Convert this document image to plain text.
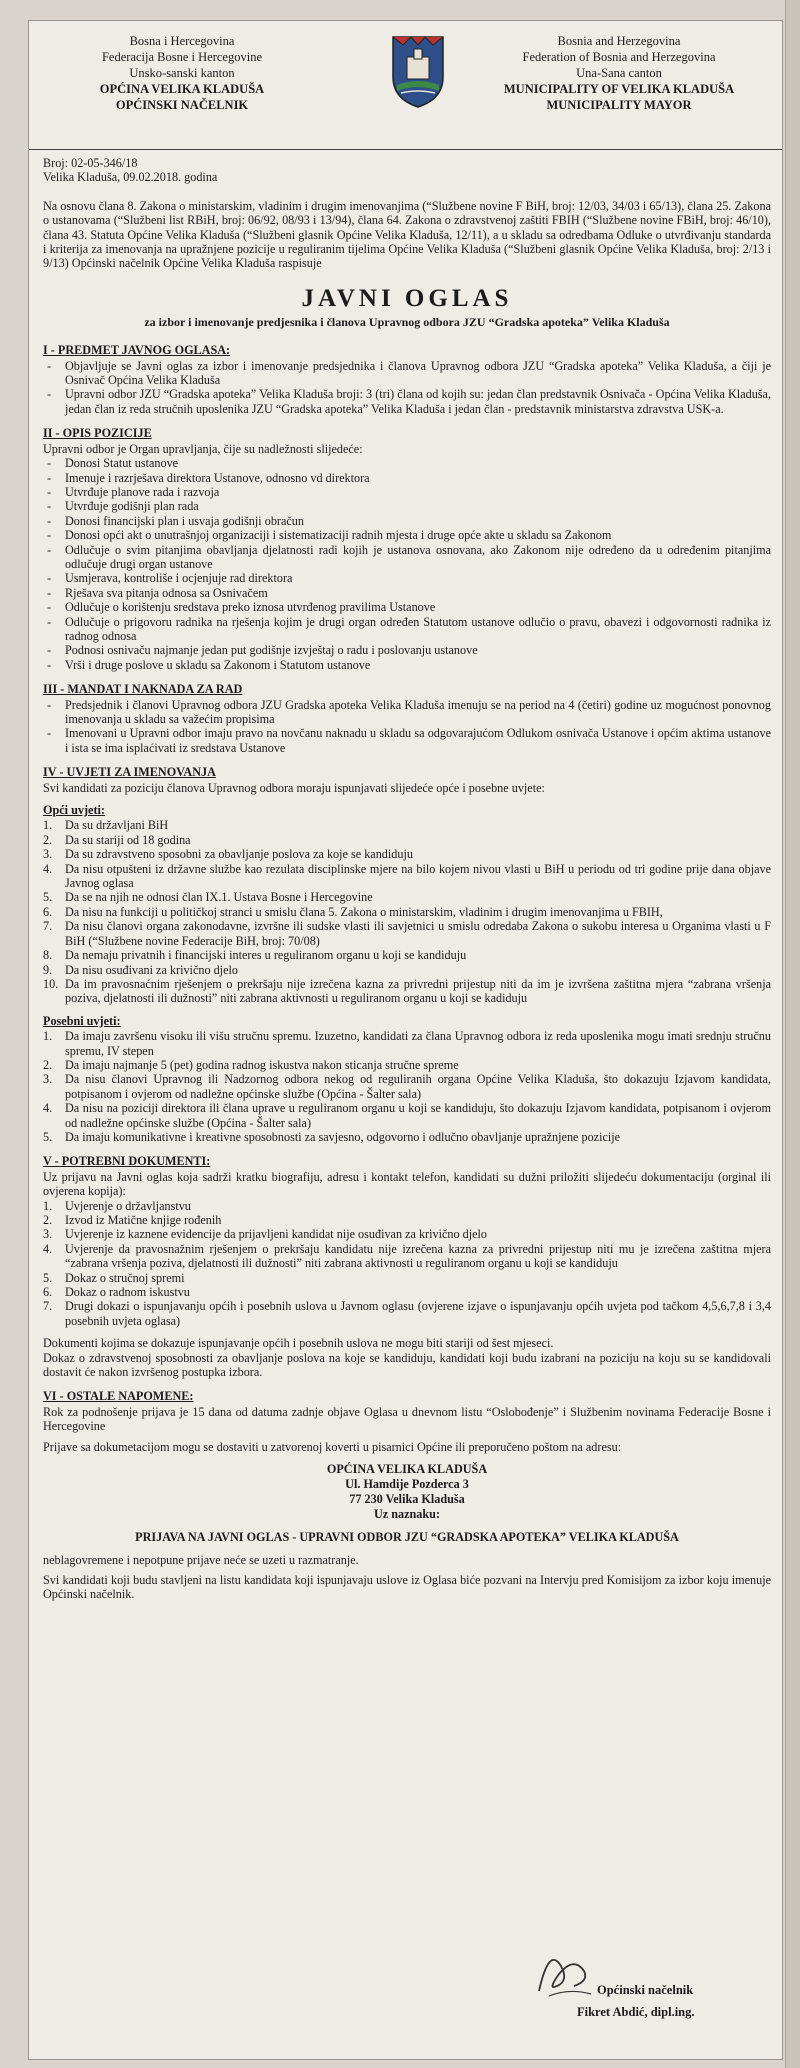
Bosna i Hercegovina
Federacija Bosne i Hercegovine
Unsko-sanski kanton
OPĆINA VELIKA KLADUŠA
OPĆINSKI NAČELNIK
Bosnia and Herzegovina
Federation of Bosnia and Herzegovina
Una-Sana canton
MUNICIPALITY OF VELIKA KLADUŠA
MUNICIPALITY MAYOR
Broj: 02-05-346/18

Velika Kladuša, 09.02.2018. godina

Na osnovu člana 8. Zakona o ministarskim, vladinim i drugim imenovanjima (“Službene novine F BiH, broj: 12/03, 34/03 i 65/13), člana 25. Zakona o ustanovama (“Službeni list RBiH, broj: 06/92, 08/93 i 13/94), člana 64. Zakona o zdravstvenoj zaštiti FBIH (“Službene novine FBiH, broj: 46/10), člana 43. Statuta Općine Velika Kladuša (“Službeni glasnik Općine Velika Kladuša, 12/11), a u skladu sa odredbama Odluke o utvrđivanju standarda i kriterija za imenovanja na upražnjene pozicije u reguliranim tijelima Općine Velika Kladuša (“Službeni glasnik Općine Velika Kladuša, broj: 2/13 i 9/13) Općinski načelnik Općine Velika Kladuša raspisuje

JAVNI OGLAS
za izbor i imenovanje predjesnika i članova Upravnog odbora JZU “Gradska apoteka” Velika Kladuša
I - PREDMET JAVNOG OGLASA:
- Objavljuje se Javni oglas za izbor i imenovanje predsjednika i članova Upravnog odbora JZU “Gradska apoteka” Velika Kladuša, a čiji je Osnivač Općina Velika Kladuša
- Upravni odbor JZU “Gradska apoteka” Velika Kladuša broji: 3 (tri) člana od kojih su: jedan član predstavnik Osnivača - Općina Velika Kladuša, jedan član iz reda stručnih uposlenika JZU “Gradska apoteka” Velika Kladuša i jedan član - predstavnik ministarstva zdravstva USK-a.
II - OPIS POZICIJE
Upravni odbor je Organ upravljanja, čije su nadležnosti slijedeće:
- Donosi Statut ustanove
- Imenuje i razrješava direktora Ustanove, odnosno vd direktora
- Utvrđuje planove rada i razvoja
- Utvrđuje godišnji plan rada
- Donosi financijski plan i usvaja godišnji obračun
- Donosi opći akt o unutrašnjoj organizaciji i sistematizaciji radnih mjesta i druge opće akte u skladu sa Zakonom
- Odlučuje o svim pitanjima obavljanja djelatnosti radi kojih je ustanova osnovana, ako Zakonom nije određeno da u određenim pitanjima odlučuje drugi organ ustanove
- Usmjerava, kontroliše i ocjenjuje rad direktora
- Rješava sva pitanja odnosa sa Osnivačem
- Odlučuje o korištenju sredstava preko iznosa utvrđenog pravilima Ustanove
- Odlučuje o prigovoru radnika na rješenja kojim je drugi organ određen Statutom ustanove odlučio o pravu, obavezi i odgovornosti radnika iz radnog odnosa
- Podnosi osnivaču najmanje jedan put godišnje izvještaj o radu i poslovanju ustanove
- Vrši i druge poslove u skladu sa Zakonom i Statutom ustanove
III - MANDAT I NAKNADA ZA RAD
- Predsjednik i članovi Upravnog odbora JZU Gradska apoteka Velika Kladuša imenuju se na period na 4 (četiri) godine uz mogućnost ponovnog imenovanja u skladu sa važećim propisima
- Imenovani u Upravni odbor imaju pravo na novčanu naknadu u skladu sa odgovarajućom Odlukom osnivača Ustanove i općim aktima ustanove i ista se ima isplaćivati iz sredstava Ustanove
IV - UVJETI ZA IMENOVANJA
Svi kandidati za poziciju članova Upravnog odbora moraju ispunjavati slijedeće opće i posebne uvjete:
Opći uvjeti:
1. Da su državljani BiH
2. Da su stariji od 18 godina
3. Da su zdravstveno sposobni za obavljanje poslova za koje se kandiduju
4. Da nisu otpušteni iz državne službe kao rezulata disciplinske mjere na bilo kojem nivou vlasti u BiH u periodu od tri godine prije dana objave Javnog oglasa
5. Da se na njih ne odnosi član IX.1. Ustava Bosne i Hercegovine
6. Da nisu na funkciji u političkoj stranci u smislu člana 5. Zakona o ministarskim, vladinim i drugim imenovanjima u FBIH,
7. Da nisu članovi organa zakonodavne, izvršne ili sudske vlasti ili savjetnici u smislu odredaba Zakona o sukobu interesa u Organima vlasti u F BiH (“Službene novine Federacije BiH, broj: 70/08)
8. Da nemaju privatnih i financijski interes u reguliranom organu u koji se kandiduju
9. Da nisu osuđivani za krivično djelo
10. Da im pravosnaćnim rješenjem o prekršaju nije izrečena kazna za privredni prijestup niti da im je izvršena zaštitna mjera “zabrana vršenja poziva, djelatnosti ili dužnosti” niti zabrana aktivnosti u reguliranom organu u koji se kadiduju
Posebni uvjeti:
1. Da imaju završenu visoku ili višu stručnu spremu. Izuzetno, kandidati za člana Upravnog odbora iz reda uposlenika mogu imati srednju stručnu spremu, IV stepen
2. Da imaju najmanje 5 (pet) godina radnog iskustva nakon sticanja stručne spreme
3. Da nisu članovi Upravnog ili Nadzornog odbora nekog od reguliranih organa Općine Velika Kladuša, što dokazuju Izjavom kandidata, potpisanom i ovjerom od nadležne općinske službe (Općina - Šalter sala)
4. Da nisu na poziciji direktora ili člana uprave u reguliranom organu u koji se kandiduju, što dokazuju Izjavom kandidata, potpisanom i ovjerom od nadležne općinske službe (Općina - Šalter sala)
5. Da imaju komunikativne i kreativne sposobnosti za savjesno, odgovorno i odlučno obavljanje upražnjene pozicije
V - POTREBNI DOKUMENTI:
Uz prijavu na Javni oglas koja sadrži kratku biografiju, adresu i kontakt telefon, kandidati su dužni priložiti slijedeću dokumentaciju (orginal ili ovjerena kopija):
1. Uvjerenje o državljanstvu
2. Izvod iz Matične knjige rođenih
3. Uvjerenje iz kaznene evidencije da prijavljeni kandidat nije osuđivan za krivično djelo
4. Uvjerenje da pravosnažnim rješenjem o prekršaju kandidatu nije izrečena kazna za privredni prijestup niti mu je izrečena zaštitna mjera “zabrana vršenja poziva, djelatnosti ili dužnosti” niti zabrana aktivnosti u reguliranom organu u koji se kandiduju
5. Dokaz o stručnoj spremi
6. Dokaz o radnom iskustvu
7. Drugi dokazi o ispunjavanju općih i posebnih uslova u Javnom oglasu (ovjerene izjave o ispunjavanju općih uvjeta pod tačkom 4,5,6,7,8 i 3,4 posebnih uvjeta oglasa)
Dokumenti kojima se dokazuje ispunjavanje općih i posebnih uslova ne mogu biti stariji od šest mjeseci.

Dokaz o zdravstvenoj sposobnosti za obavljanje poslova na koje se kandiduju, kandidati koji budu izabrani na poziciju na koju su se kandidovali dostavit će nakon izvršenog postupka izbora.

VI - OSTALE NAPOMENE:

Rok za podnošenje prijava je 15 dana od datuma zadnje objave Oglasa u dnevnom listu “Oslobođenje” i Službenim novinama Federacije Bosne i Hercegovine

Prijave sa dokumetacijom mogu se dostaviti u zatvorenoj koverti u pisarnici Općine ili preporučeno poštom na adresu:

OPĆINA VELIKA KLADUŠA
Ul. Hamdije Pozderca 3
77 230 Velika Kladuša
Uz naznaku:
PRIJAVA NA JAVNI OGLAS - UPRAVNI ODBOR JZU “GRADSKA APOTEKA” VELIKA KLADUŠA

neblagovremene i nepotpune prijave neće se uzeti u razmatranje.

Svi kandidati koji budu stavljeni na listu kandidata koji ispunjavaju uslove iz Oglasa biće pozvani na Intervju pred Komisijom za izbor koju imenuje Općinski načelnik.

Općinski načelnik
Fikret Abdić, dipl.ing.
